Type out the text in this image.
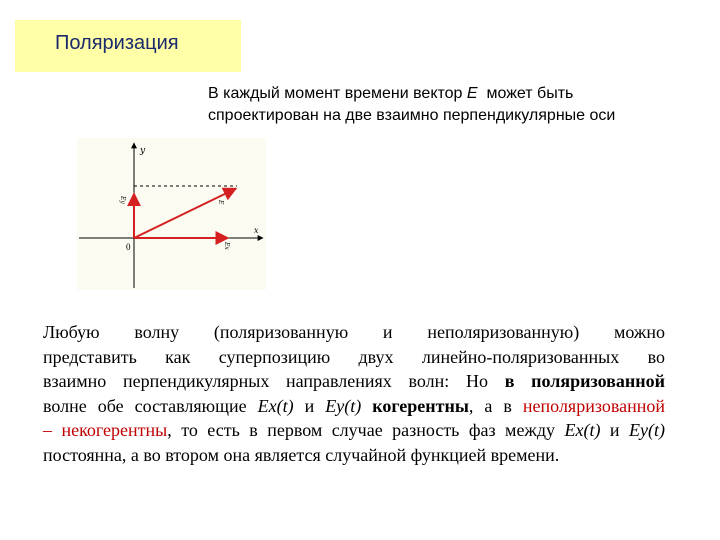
Поляризация
В каждый момент времени вектор E  может быть
спроектирован на две взаимно перпендикулярные оси
y
x
0
Ey	E
Ex
Любую волну (поляризованную и неполяризованную) можно
представить как суперпозицию двух линейно-поляризованных во
взаимно перпендикулярных направлениях волн: Но в поляризованной
волне обе составляющие Ex(t) и Ey(t) когерентны, а в неполяризованной
– некогерентны, то есть в первом случае разность фаз между Ex(t) и Ey(t)
постоянна, а во втором она является случайной функцией времени.
